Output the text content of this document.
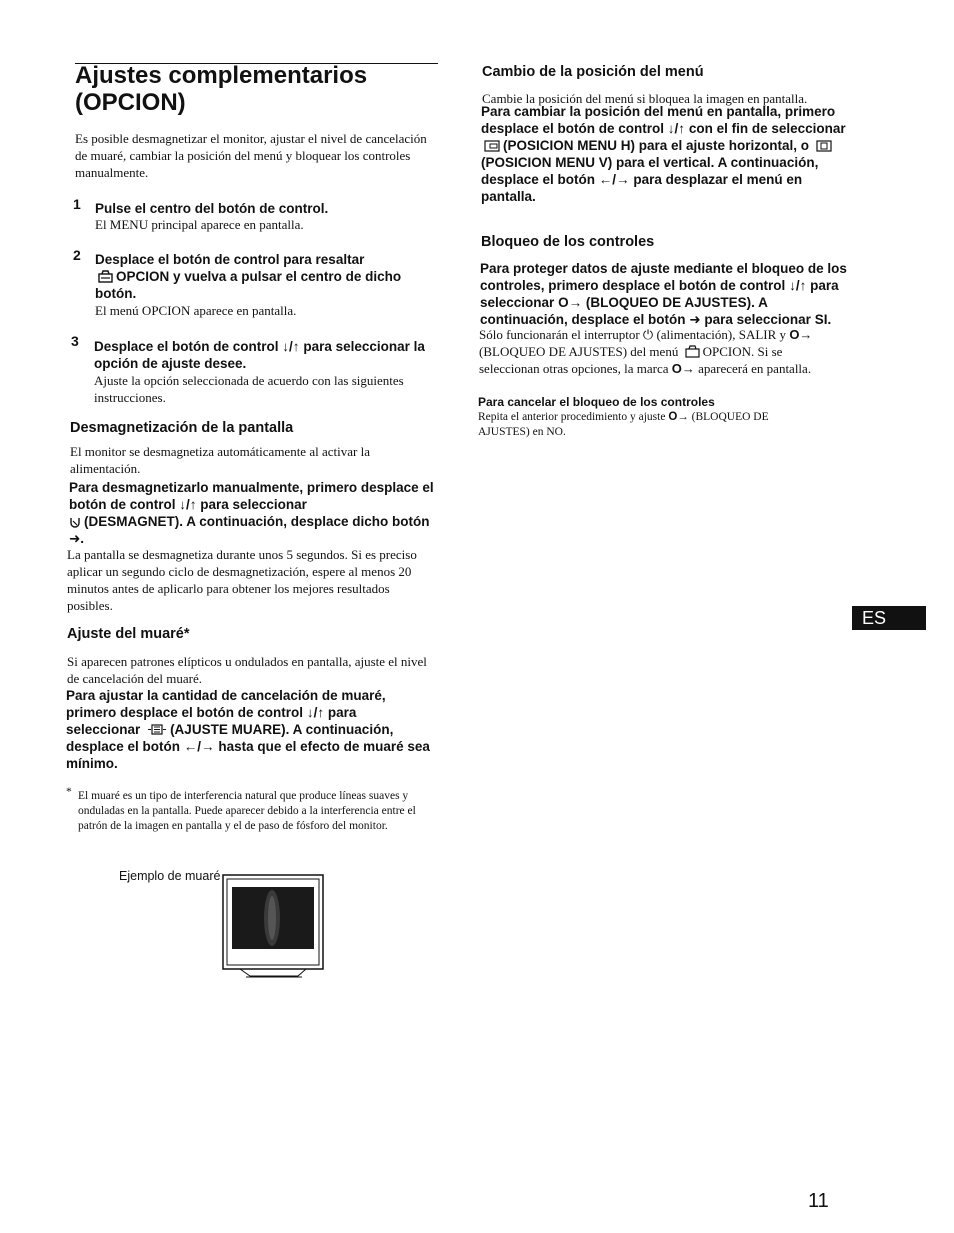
Ajustes complementarios
(OPCION)

Es posible desmagnetizar el monitor, ajustar el nivel de cancelación de muaré, cambiar la posición del menú y bloquear los controles manualmente.

1 Pulse el centro del botón de control.

El MENU principal aparece en pantalla.

2 Desplace el botón de control para resaltar
OPCION y vuelva a pulsar el centro de dicho botón.

El menú OPCION aparece en pantalla.

3 Desplace el botón de control ↓/↑ para seleccionar la opción de ajuste desee.

Ajuste la opción seleccionada de acuerdo con las siguientes instrucciones.

Desmagnetización de la pantalla

El monitor se desmagnetiza automáticamente al activar la alimentación.

Para desmagnetizarlo manualmente, primero desplace el botón de control ↓/↑ para seleccionar
(DESMAGNET). A continuación, desplace dicho botón ➜.

La pantalla se desmagnetiza durante unos 5 segundos. Si es preciso aplicar un segundo ciclo de desmagnetización, espere al menos 20 minutos antes de aplicarlo para obtener los mejores resultados posibles.

Ajuste del muaré*

Si aparecen patrones elípticos u ondulados en pantalla, ajuste el nivel de cancelación del muaré.

Para ajustar la cantidad de cancelación de muaré, primero desplace el botón de control ↓/↑ para seleccionar (AJUSTE MUARE). A continuación, desplace el botón ←/→ hasta que el efecto de muaré sea mínimo.
* El muaré es un tipo de interferencia natural que produce líneas suaves y onduladas en la pantalla. Puede aparecer debido a la interferencia entre el patrón de la imagen en pantalla y el de paso de fósforo del monitor.

Ejemplo de muaré

Cambio de la posición del menú

Cambie la posición del menú si bloquea la imagen en pantalla.

Para cambiar la posición del menú en pantalla, primero desplace el botón de control ↓/↑ con el fin de seleccionar (POSICION MENU H) para el ajuste horizontal, o (POSICION MENU V) para el vertical. A continuación, desplace el botón ←/→ para desplazar el menú en pantalla.

Bloqueo de los controles

Para proteger datos de ajuste mediante el bloqueo de los controles, primero desplace el botón de control ↓/↑ para seleccionar O→ (BLOQUEO DE AJUSTES). A continuación, desplace el botón ➜ para seleccionar SI.
Sólo funcionarán el interruptor ⏻ (alimentación), SALIR y O→ (BLOQUEO DE AJUSTES) del menú OPCION. Si se seleccionan otras opciones, la marca O→ aparecerá en pantalla.

Para cancelar el bloqueo de los controles

Repita el anterior procedimiento y ajuste O→ (BLOQUEO DE AJUSTES) en NO.
ES
11
